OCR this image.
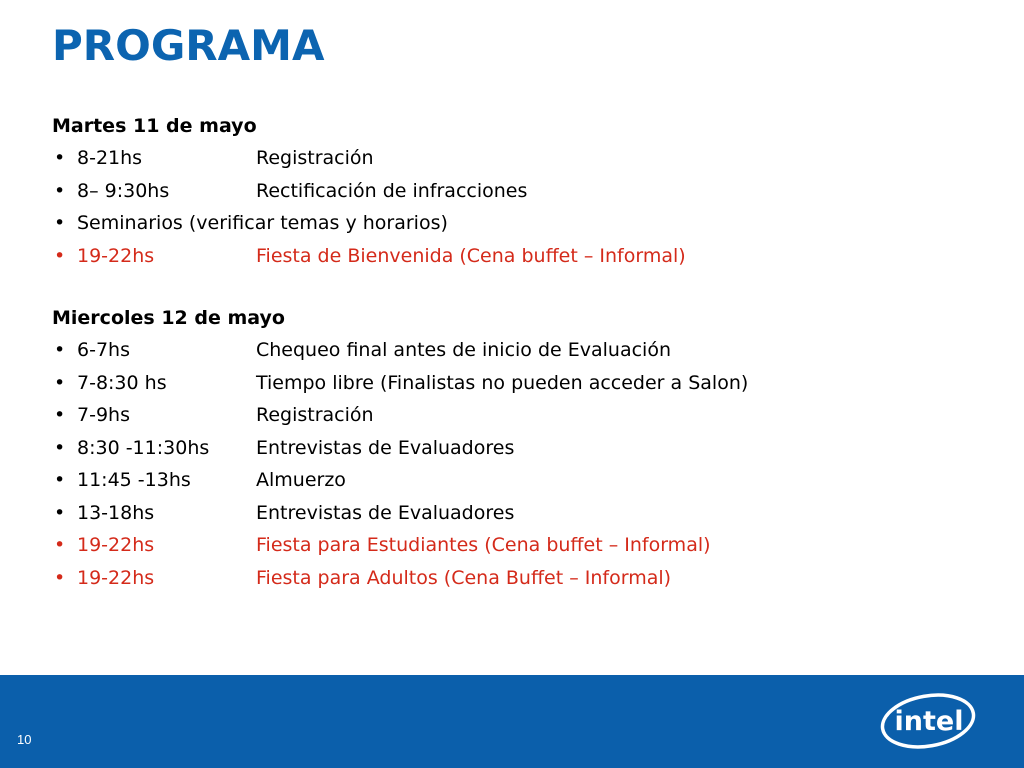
PROGRAMA
Martes 11 de mayo
• 8-21hs	Registración
• 8– 9:30hs	Rectificación de infracciones
• Seminarios (verificar temas y horarios)
• 19-22hs	Fiesta de Bienvenida (Cena buffet – Informal)
Miercoles 12 de mayo
• 6-7hs	Chequeo final antes de inicio de Evaluación
• 7-8:30 hs	Tiempo libre (Finalistas no pueden acceder a Salon)
• 7-9hs	Registración
• 8:30 -11:30hs Entrevistas de Evaluadores
• 11:45 -13hs	Almuerzo
• 13-18hs	Entrevistas de Evaluadores
• 19-22hs	Fiesta para Estudiantes (Cena buffet – Informal)
• 19-22hs	Fiesta para Adultos (Cena Buffet – Informal)
10
intel
